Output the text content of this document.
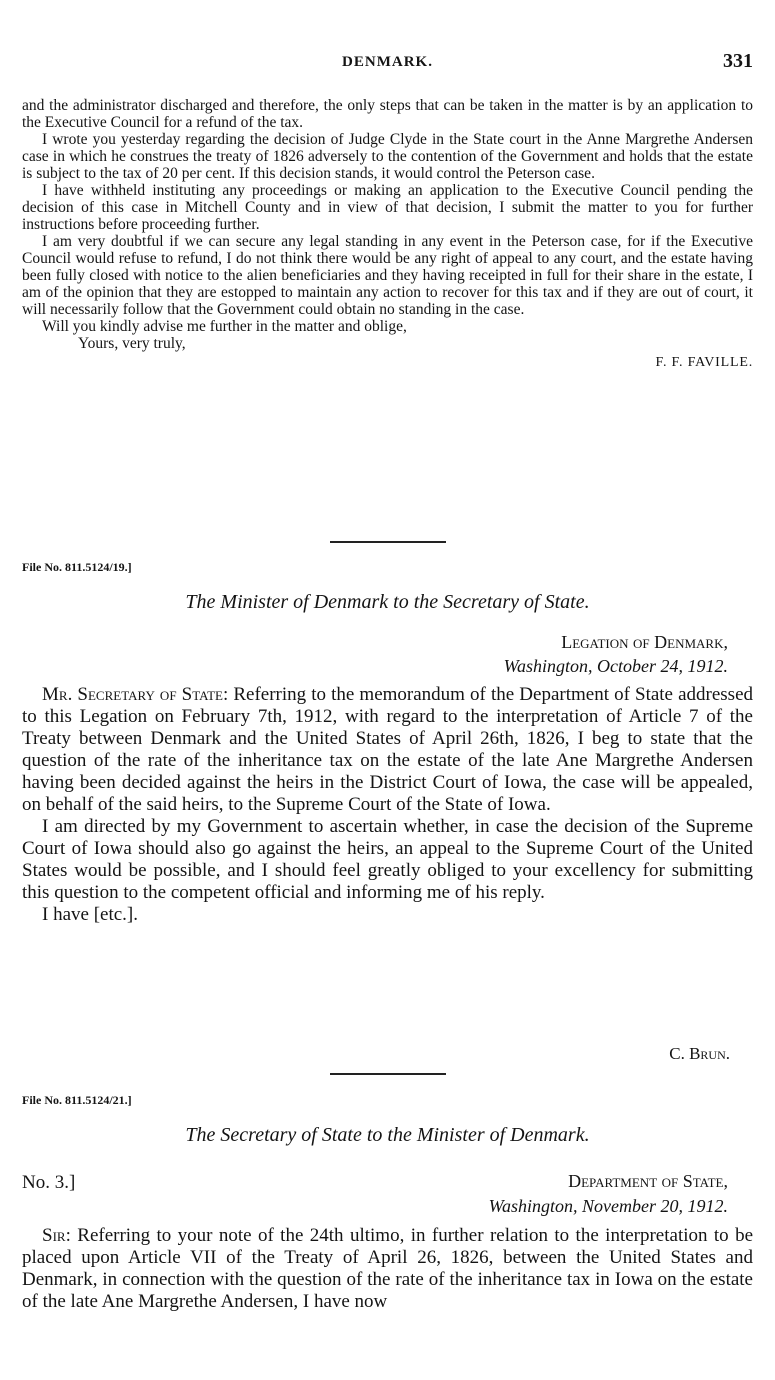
DENMARK.	331

and the administrator discharged and therefore, the only steps that can be taken in the matter is by an application to the Executive Council for a refund of the tax.

I wrote you yesterday regarding the decision of Judge Clyde in the State court in the Anne Margrethe Andersen case in which he construes the treaty of 1826 adversely to the contention of the Government and holds that the estate is subject to the tax of 20 per cent. If this decision stands, it would control the Peterson case.

I have withheld instituting any proceedings or making an application to the Executive Council pending the decision of this case in Mitchell County and in view of that decision, I submit the matter to you for further instructions before proceeding further.

I am very doubtful if we can secure any legal standing in any event in the Peterson case, for if the Executive Council would refuse to refund, I do not think there would be any right of appeal to any court, and the estate having been fully closed with notice to the alien beneficiaries and they having receipted in full for their share in the estate, I am of the opinion that they are estopped to maintain any action to recover for this tax and if they are out of court, it will necessarily follow that the Government could obtain no standing in the case.

Will you kindly advise me further in the matter and oblige,
Yours, very truly,
F. F. FAVILLE.
File No. 811.5124/19.]
The Minister of Denmark to the Secretary of State.
Legation of Denmark,
Washington, October 24, 1912.

Mr. Secretary of State: Referring to the memorandum of the Department of State addressed to this Legation on February 7th, 1912, with regard to the interpretation of Article 7 of the Treaty between Denmark and the United States of April 26th, 1826, I beg to state that the question of the rate of the inheritance tax on the estate of the late Ane Margrethe Andersen having been decided against the heirs in the District Court of Iowa, the case will be appealed, on behalf of the said heirs, to the Supreme Court of the State of Iowa.

I am directed by my Government to ascertain whether, in case the decision of the Supreme Court of Iowa should also go against the heirs, an appeal to the Supreme Court of the United States would be possible, and I should feel greatly obliged to your excellency for submitting this question to the competent official and informing me of his reply.

I have [etc.].

C. Brun.
File No. 811.5124/21.]
The Secretary of State to the Minister of Denmark.
No. 3.]	Department of State,
Washington, November 20, 1912.

Sir: Referring to your note of the 24th ultimo, in further relation to the interpretation to be placed upon Article VII of the Treaty of April 26, 1826, between the United States and Denmark, in connection with the question of the rate of the inheritance tax in Iowa on the estate of the late Ane Margrethe Andersen, I have now
